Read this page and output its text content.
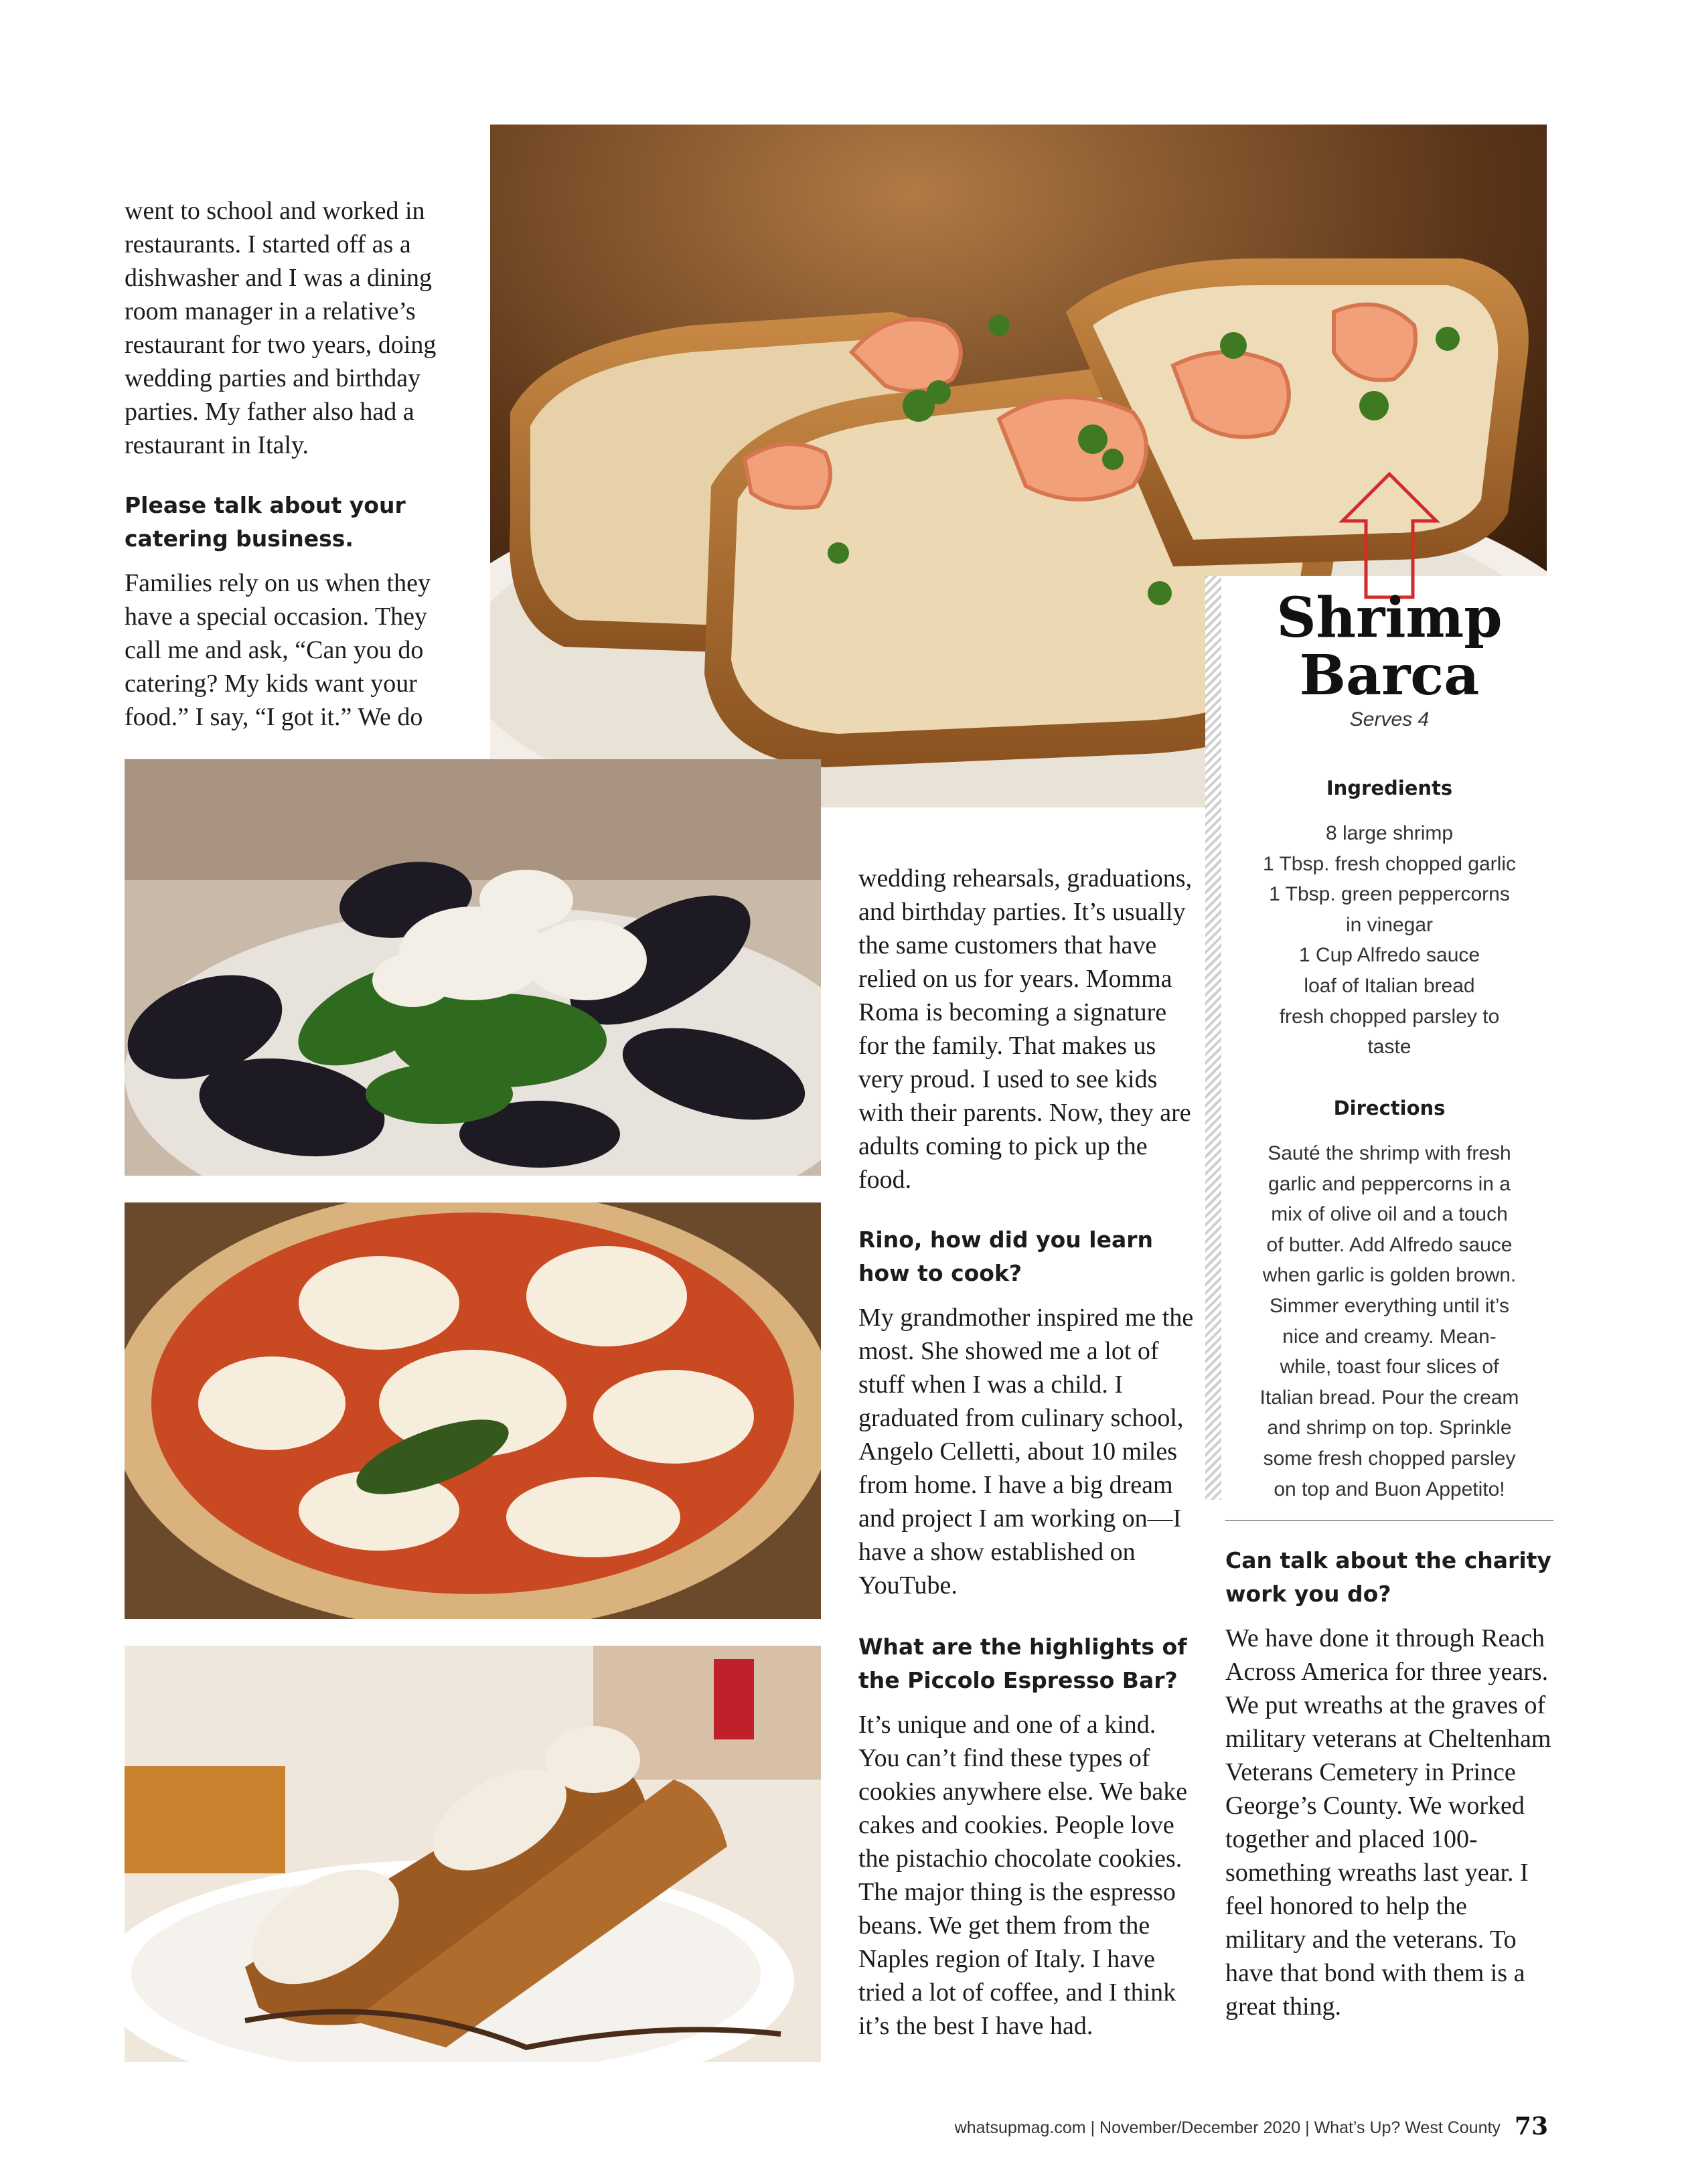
went to school and worked in restaurants. I started off as a dishwasher and I was a dining room manager in a relative’s restaurant for two years, doing wedding parties and birthday parties. My father also had a restaurant in Italy.

Please talk about your catering business.

Families rely on us when they have a special occasion. They call me and ask, “Can you do catering? My kids want your food.” I say, “I got it.” We do

wedding rehearsals, graduations, and birthday parties. It’s usually the same customers that have relied on us for years. Momma Roma is becoming a signature for the family. That makes us very proud. I used to see kids with their parents. Now, they are adults coming to pick up the food.

Rino, how did you learn how to cook?

My grandmother inspired me the most. She showed me a lot of stuff when I was a child. I graduated from culinary school, Angelo Celletti, about 10 miles from home. I have a big dream and project I am working on—I have a show established on YouTube.

What are the highlights of the Piccolo Espresso Bar?

It’s unique and one of a kind. You can’t find these types of cookies anywhere else. We bake cakes and cookies. People love the pistachio chocolate cookies. The major thing is the espresso beans. We get them from the Naples region of Italy. I have tried a lot of coffee, and I think it’s the best I have had.

Shrimp
Barca
Serves 4
Ingredients
8 large shrimp
1 Tbsp. fresh chopped garlic
1 Tbsp. green peppercorns
in vinegar
1 Cup Alfredo sauce
loaf of Italian bread
fresh chopped parsley to
taste
Directions
Sauté the shrimp with fresh
garlic and peppercorns in a
mix of olive oil and a touch
of butter. Add Alfredo sauce
when garlic is golden brown.
Simmer everything until it’s
nice and creamy. Mean-
while, toast four slices of
Italian bread. Pour the cream
and shrimp on top. Sprinkle
some fresh chopped parsley
on top and Buon Appetito!

Can talk about the charity work you do?

We have done it through Reach Across America for three years. We put wreaths at the graves of military veterans at Cheltenham Veterans Cemetery in Prince George’s County. We worked together and placed 100-something wreaths last year. I feel honored to help the military and the veterans. To have that bond with them is a great thing.

whatsupmag.com | November/December 2020 | What’s Up? West County 73
